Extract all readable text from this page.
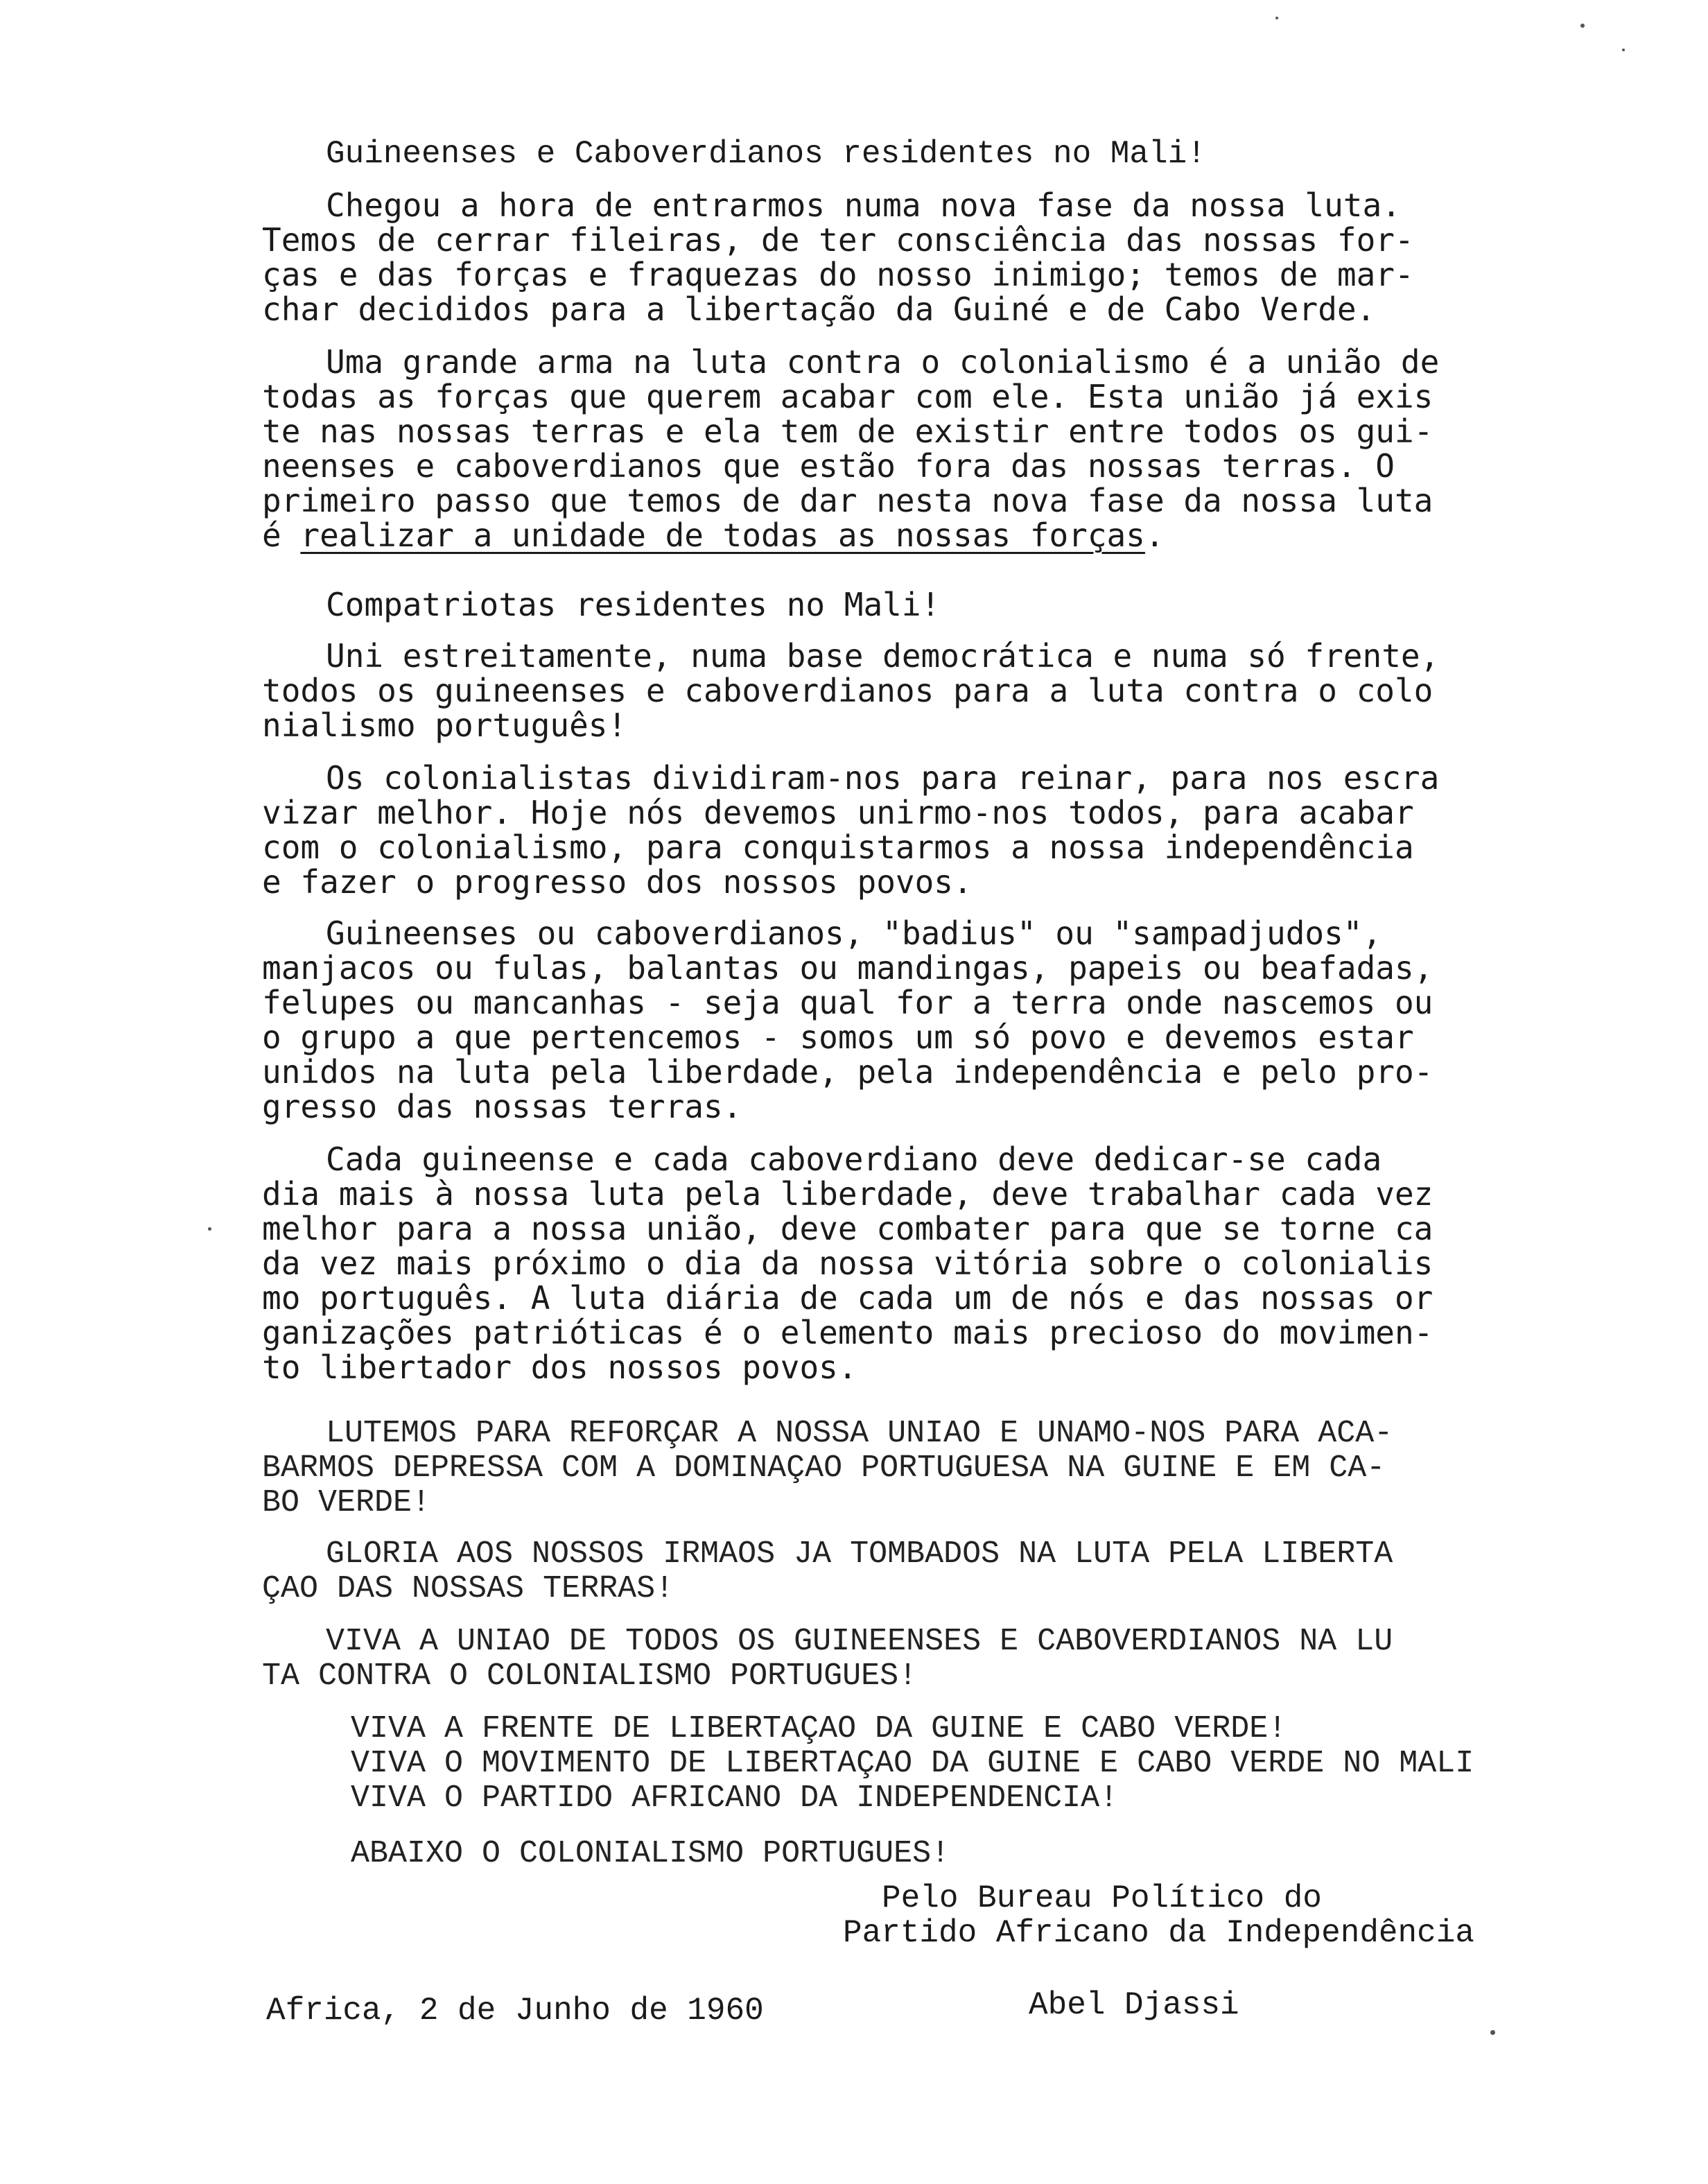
Guineenses e Caboverdianos residentes no Mali!
Chegou a hora de entrarmos numa nova fase da nossa luta.
Temos de cerrar fileiras, de ter consciência das nossas for-
ças e das forças e fraquezas do nosso inimigo; temos de mar-
char decididos para a libertação da Guiné e de Cabo Verde.
Uma grande arma na luta contra o colonialismo é a união de
todas as forças que querem acabar com ele. Esta união já exis
te nas nossas terras e ela tem de existir entre todos os gui-
neenses e caboverdianos que estão fora das nossas terras. O
primeiro passo que temos de dar nesta nova fase da nossa luta
é realizar a unidade de todas as nossas forças.
Compatriotas residentes no Mali!
Uni estreitamente, numa base democrática e numa só frente,
todos os guineenses e caboverdianos para a luta contra o colo
nialismo português!
Os colonialistas dividiram-nos para reinar, para nos escra
vizar melhor. Hoje nós devemos unirmo-nos todos, para acabar
com o colonialismo, para conquistarmos a nossa independência
e fazer o progresso dos nossos povos.
Guineenses ou caboverdianos, "badius" ou "sampadjudos",
manjacos ou fulas, balantas ou mandingas, papeis ou beafadas,
felupes ou mancanhas - seja qual for a terra onde nascemos ou
o grupo a que pertencemos - somos um só povo e devemos estar
unidos na luta pela liberdade, pela independência e pelo pro-
gresso das nossas terras.
Cada guineense e cada caboverdiano deve dedicar-se cada
dia mais à nossa luta pela liberdade, deve trabalhar cada vez
melhor para a nossa união, deve combater para que se torne ca
da vez mais próximo o dia da nossa vitória sobre o colonialis
mo português. A luta diária de cada um de nós e das nossas or
ganizações patrióticas é o elemento mais precioso do movimen-
to libertador dos nossos povos.
LUTEMOS PARA REFORÇAR A NOSSA UNIAO E UNAMO-NOS PARA ACA-
BARMOS DEPRESSA COM A DOMINAÇAO PORTUGUESA NA GUINE E EM CA-
BO VERDE!
GLORIA AOS NOSSOS IRMAOS JA TOMBADOS NA LUTA PELA LIBERTA
ÇAO DAS NOSSAS TERRAS!
VIVA A UNIAO DE TODOS OS GUINEENSES E CABOVERDIANOS NA LU
TA CONTRA O COLONIALISMO PORTUGUES!
VIVA A FRENTE DE LIBERTAÇAO DA GUINE E CABO VERDE!
VIVA O MOVIMENTO DE LIBERTAÇAO DA GUINE E CABO VERDE NO MALI
VIVA O PARTIDO AFRICANO DA INDEPENDENCIA!
ABAIXO O COLONIALISMO PORTUGUES!
Pelo Bureau Político do
Partido Africano da Independência
Africa, 2 de Junho de 1960	Abel Djassi
